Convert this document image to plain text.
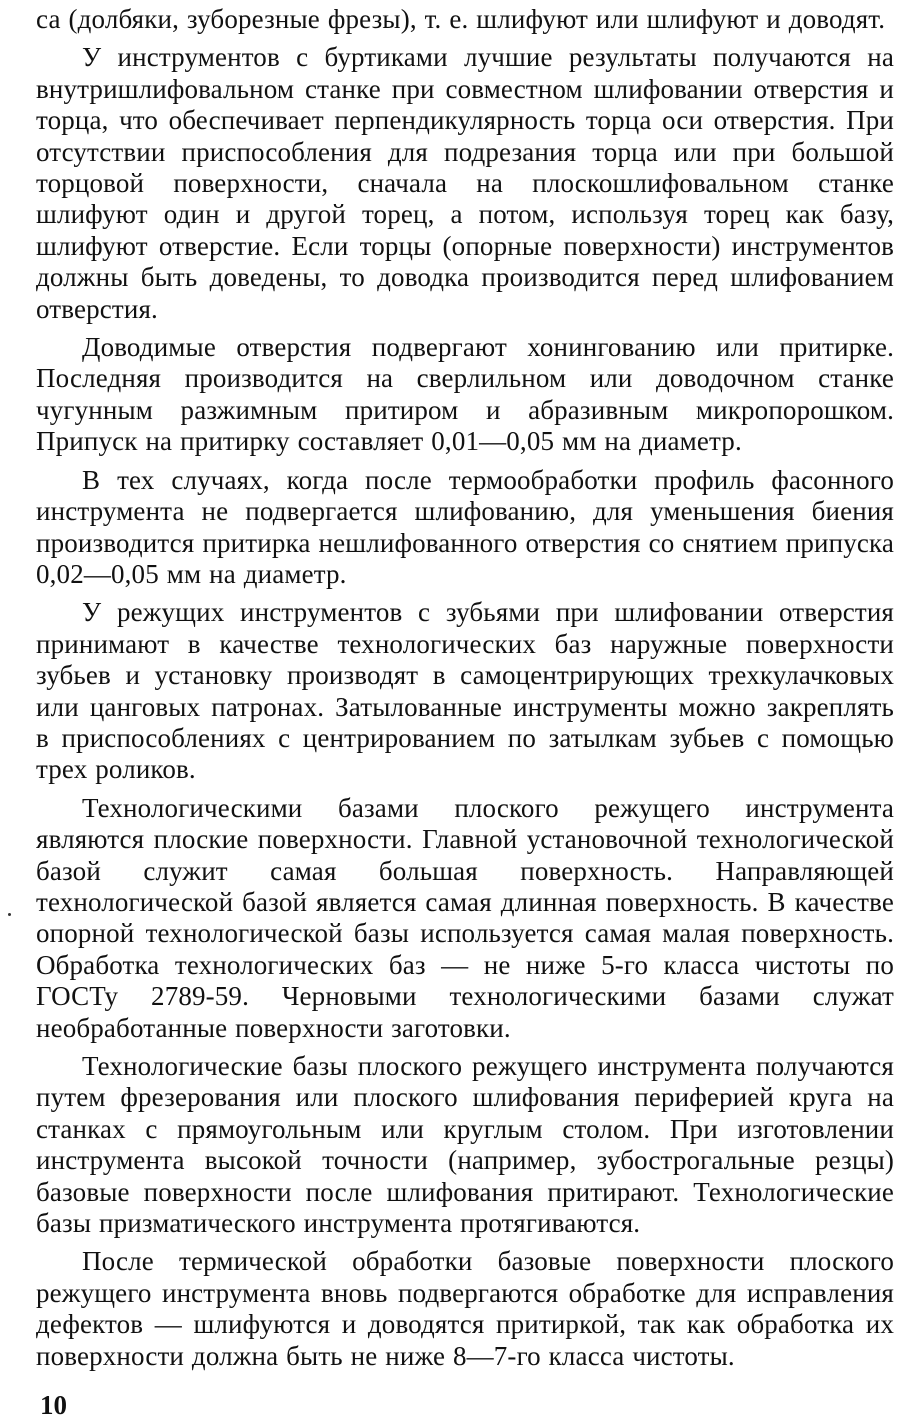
са (долбяки, зуборезные фрезы), т. е. шлифуют или шлифуют и доводят.

У инструментов с буртиками лучшие результаты получаются на внутришлифовальном станке при совместном шлифовании отверстия и торца, что обеспечивает перпендикулярность торца оси отверстия. При отсутствии приспособления для подрезания торца или при большой торцовой поверхности, сначала на плоскошлифовальном станке шлифуют один и другой торец, а потом, используя торец как базу, шлифуют отверстие. Если торцы (опорные поверхности) инструментов должны быть доведены, то доводка производится перед шлифованием отверстия.

Доводимые отверстия подвергают хонингованию или притирке. Последняя производится на сверлильном или доводочном станке чугунным разжимным притиром и абразивным микропорошком. Припуск на притирку составляет 0,01—0,05 мм на диаметр.

В тех случаях, когда после термообработки профиль фасонного инструмента не подвергается шлифованию, для уменьшения биения производится притирка нешлифованного отверстия со снятием припуска 0,02—0,05 мм на диаметр.

У режущих инструментов с зубьями при шлифовании отверстия принимают в качестве технологических баз наружные поверхности зубьев и установку производят в самоцентрирующих трехкулачковых или цанговых патронах. Затылованные инструменты можно закреплять в приспособлениях с центрированием по затылкам зубьев с помощью трех роликов.

Технологическими базами плоского режущего инструмента являются плоские поверхности. Главной установочной технологической базой служит самая большая поверхность. Направляющей технологической базой является самая длинная поверхность. В качестве опорной технологической базы используется самая малая поверхность. Обработка технологических баз — не ниже 5-го класса чистоты по ГОСТу 2789-59. Черновыми технологическими базами служат необработанные поверхности заготовки.

Технологические базы плоского режущего инструмента получаются путем фрезерования или плоского шлифования периферией круга на станках с прямоугольным или круглым столом. При изготовлении инструмента высокой точности (например, зубострогальные резцы) базовые поверхности после шлифования притирают. Технологические базы призматического инструмента протягиваются.

После термической обработки базовые поверхности плоского режущего инструмента вновь подвергаются обработке для исправления дефектов — шлифуются и доводятся притиркой, так как обработка их поверхности должна быть не ниже 8—7-го класса чистоты.

10
